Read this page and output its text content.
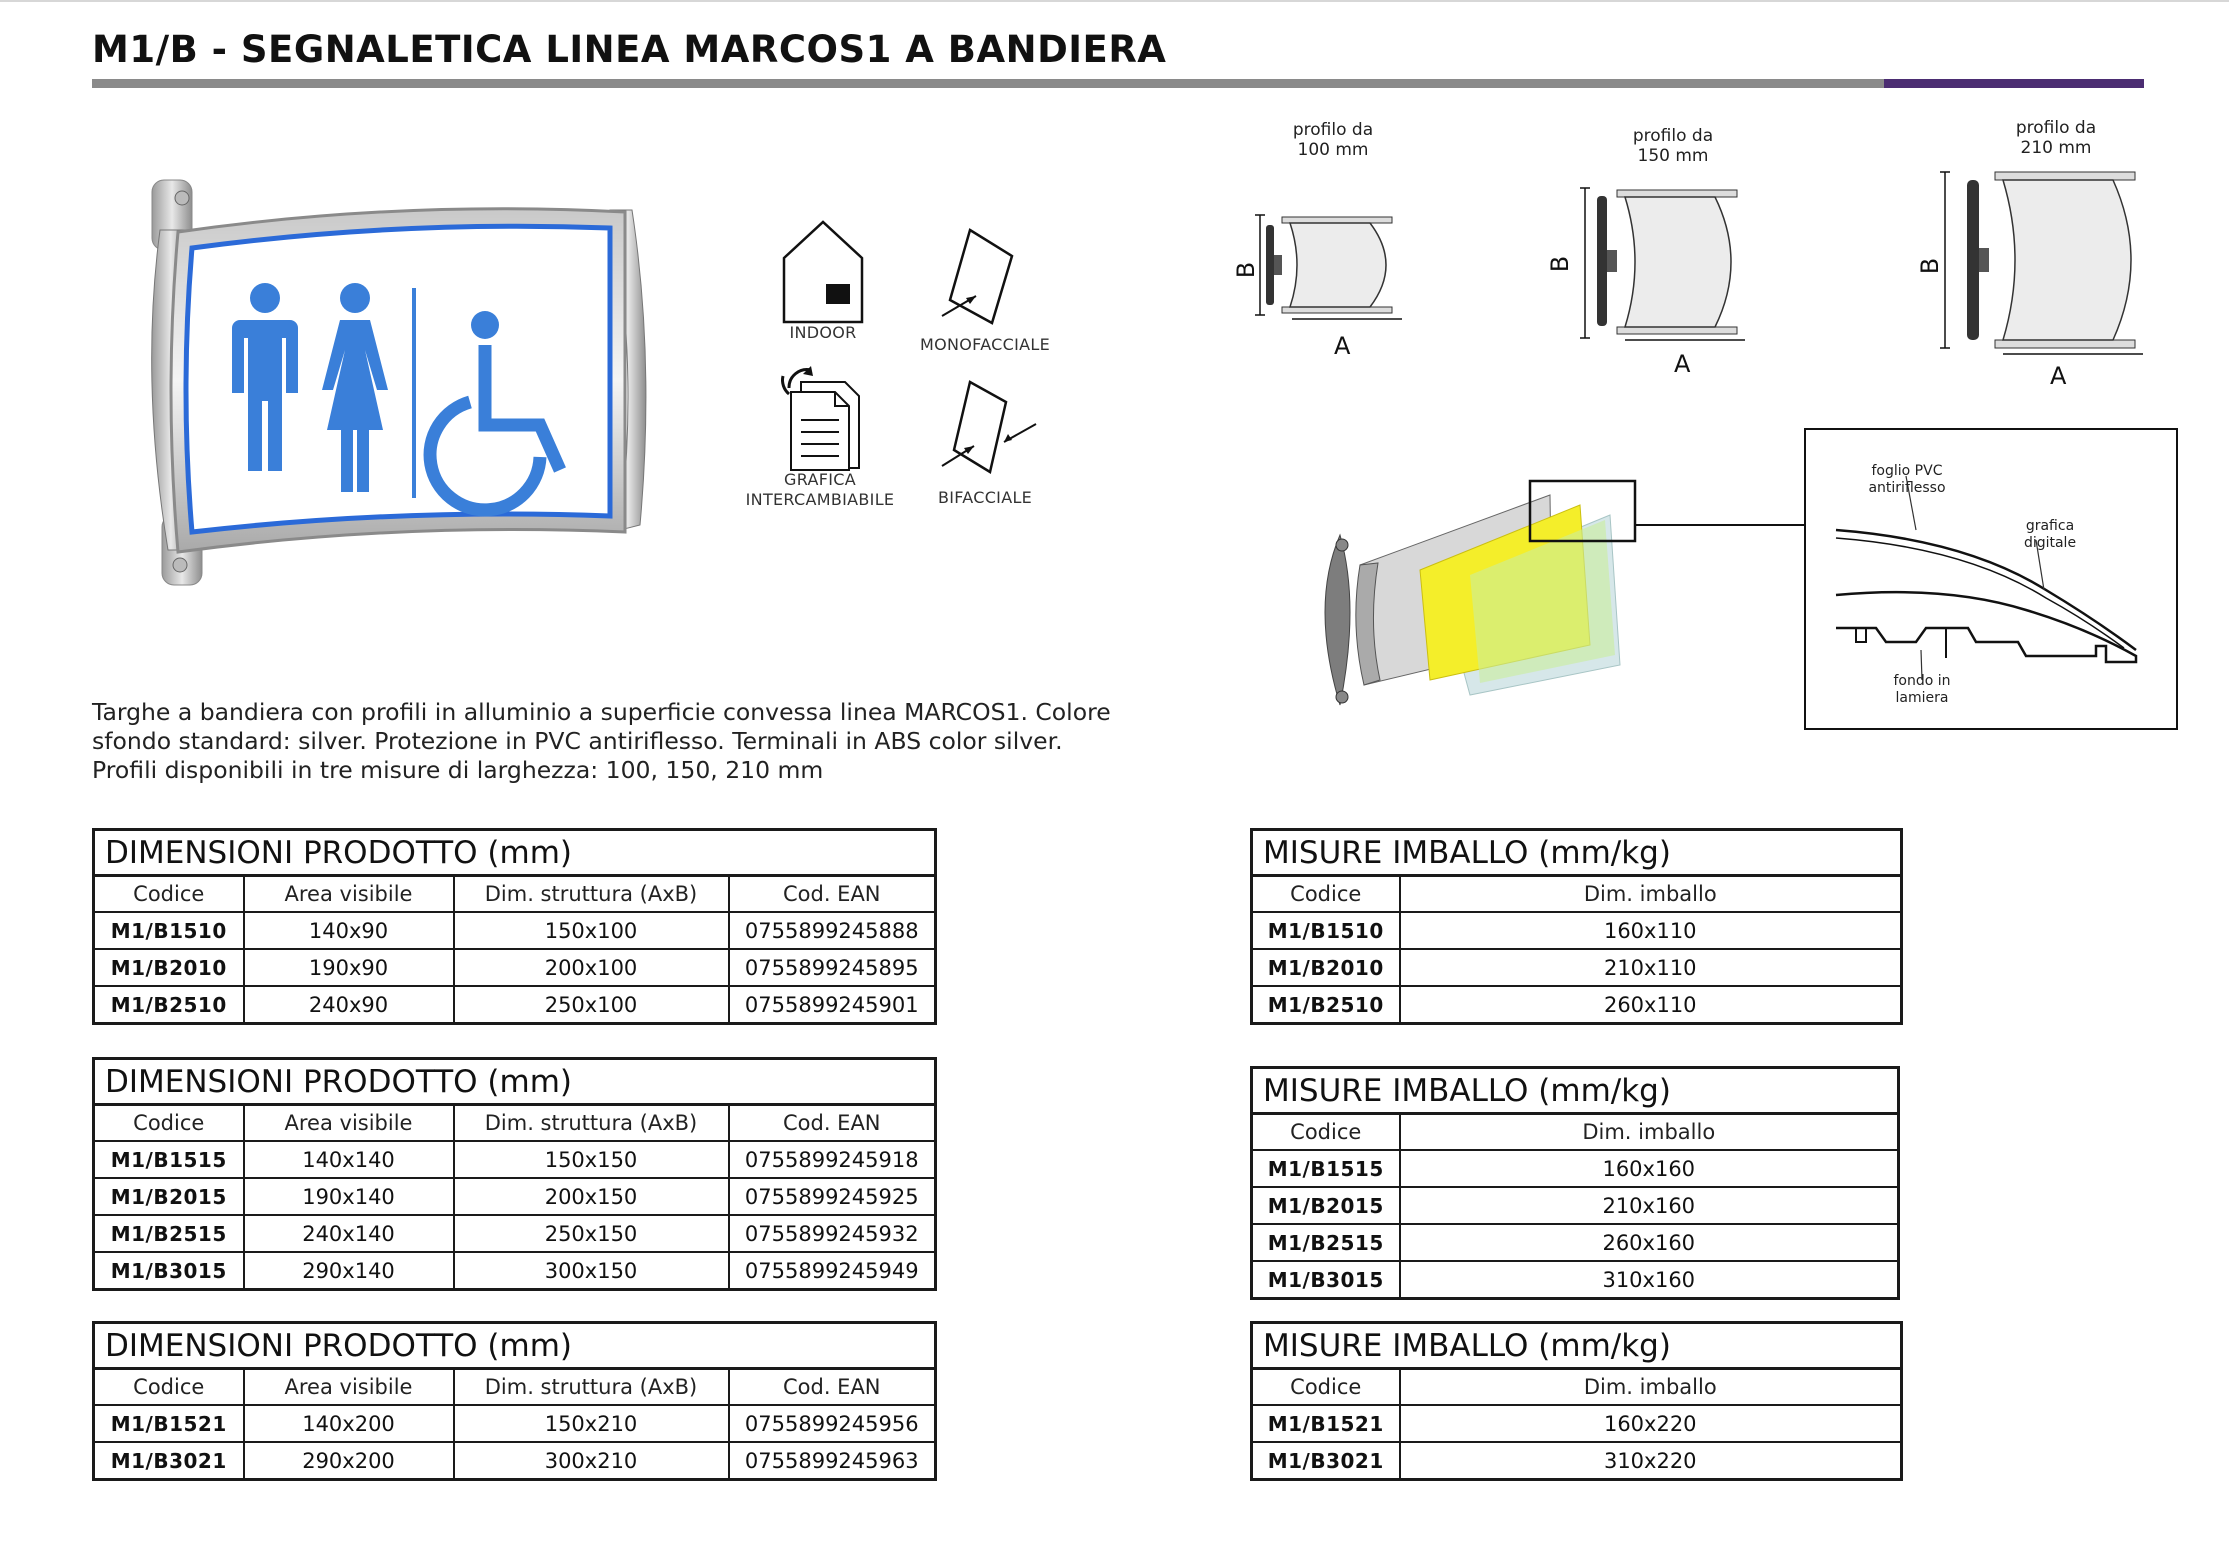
M1/B - SEGNALETICA LINEA MARCOS1 A BANDIERA
INDOOR
MONOFACCIALE
GRAFICA
INTERCAMBIABILE	BIFACCIALE
profilo da
100 mm
B
A
profilo da
150 mm
B
A
profilo da
210 mm
B
A
foglio PVC
antiriflesso
grafica
digitale
fondo in
lamiera
Targhe a bandiera con profili in alluminio a superficie convessa linea MARCOS1. Colore sfondo standard: silver. Protezione in PVC antiriflesso. Terminali in ABS color silver. Profili disponibili in tre misure di larghezza: 100, 150, 210 mm
DIMENSIONI PRODOTTO (mm)			
Codice	Area visibile	Dim. struttura (AxB)	Cod. EAN
M1/B1510	140x90	150x100	0755899245888
M1/B2010	190x90	200x100	0755899245895
M1/B2510	240x90	250x100	0755899245901
DIMENSIONI PRODOTTO (mm)			
Codice	Area visibile	Dim. struttura (AxB)	Cod. EAN
M1/B1515	140x140	150x150	0755899245918
M1/B2015	190x140	200x150	0755899245925
M1/B2515	240x140	250x150	0755899245932
M1/B3015	290x140	300x150	0755899245949
DIMENSIONI PRODOTTO (mm)			
Codice	Area visibile	Dim. struttura (AxB)	Cod. EAN
M1/B1521	140x200	150x210	0755899245956
M1/B3021	290x200	300x210	0755899245963
MISURE IMBALLO (mm/kg)	
Codice	Dim. imballo
M1/B1510	160x110
M1/B2010	210x110
M1/B2510	260x110
MISURE IMBALLO (mm/kg)	
Codice	Dim. imballo
M1/B1515	160x160
M1/B2015	210x160
M1/B2515	260x160
M1/B3015	310x160
MISURE IMBALLO (mm/kg)	
Codice	Dim. imballo
M1/B1521	160x220
M1/B3021	310x220
